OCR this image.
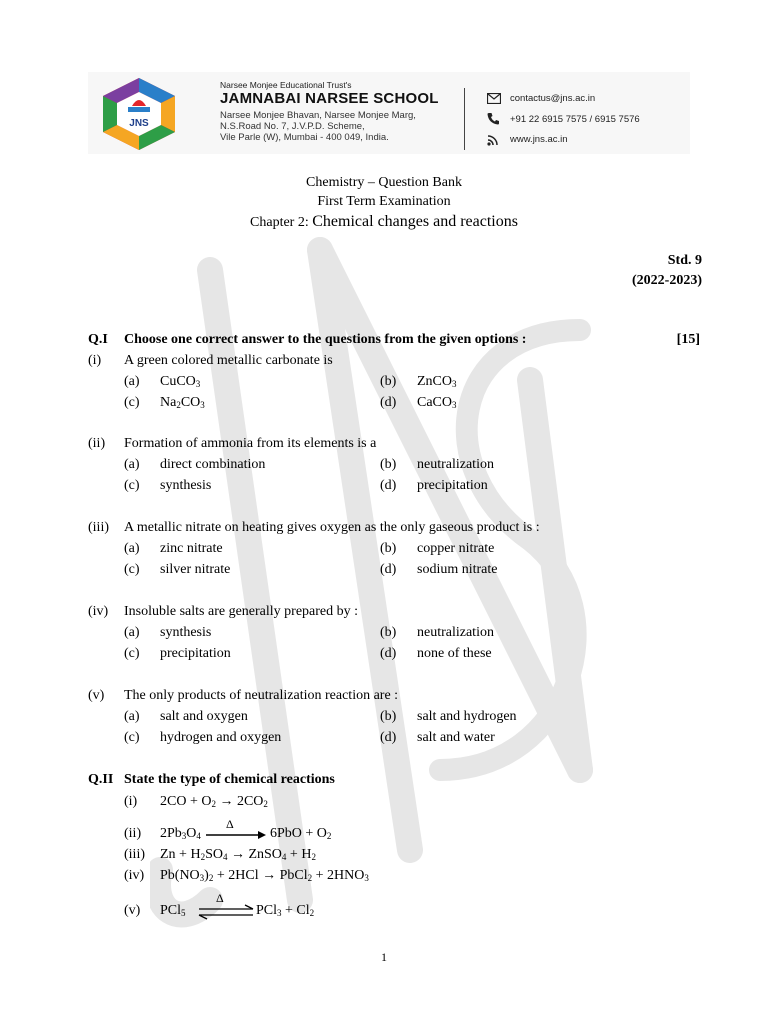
JNS
Narsee Monjee Educational Trust's
JAMNABAI NARSEE SCHOOL
Narsee Monjee Bhavan, Narsee Monjee Marg,
N.S.Road No. 7, J.V.P.D. Scheme,
Vile Parle (W), Mumbai - 400 049, India.
contactus@jns.ac.in
+91 22 6915 7575 / 6915 7576
www.jns.ac.in
Chemistry – Question Bank
First Term Examination
Chapter 2: Chemical changes and reactions
Std. 9
(2022-2023)
Q.I Choose one correct answer to the questions from the given options :	[15]
(i) A green colored metallic carbonate is
(a) CuCO$_3$	(b) ZnCO$_3$
(c) $Na_2CO_3$	(d) CaCO$_3$
(ii) Formation of ammonia from its elements is a
(a) direct combination	(b) neutralization
(c) synthesis	(d) precipitation
(iii) A metallic nitrate on heating gives oxygen as the only gaseous product is :
(a) zinc nitrate	(b) copper nitrate
(c) silver nitrate	(d) sodium nitrate
(iv) Insoluble salts are generally prepared by :
(a) synthesis	(b) neutralization
(c) precipitation	(d) none of these
(v) The only products of neutralization reaction are :
(a) salt and oxygen	(b) salt and hydrogen
(c) hydrogen and oxygen	(d) salt and water
Q.II State the type of chemical reactions
(i) $2CO + O_2 \to 2CO_2$
(ii) $2Pb_3O_4$
Δ
$6PbO + O_2$
(iii) $Zn + H_2SO_4$ → ZnSO$_4$ + $H_2$
(iv) $Pb(NO_3)_2 + 2HCl$ → PbCl$_2$ + $2HNO_3$
(v) PCl$_5$
Δ
⇌ $PCl_3 + Cl_2$
1
